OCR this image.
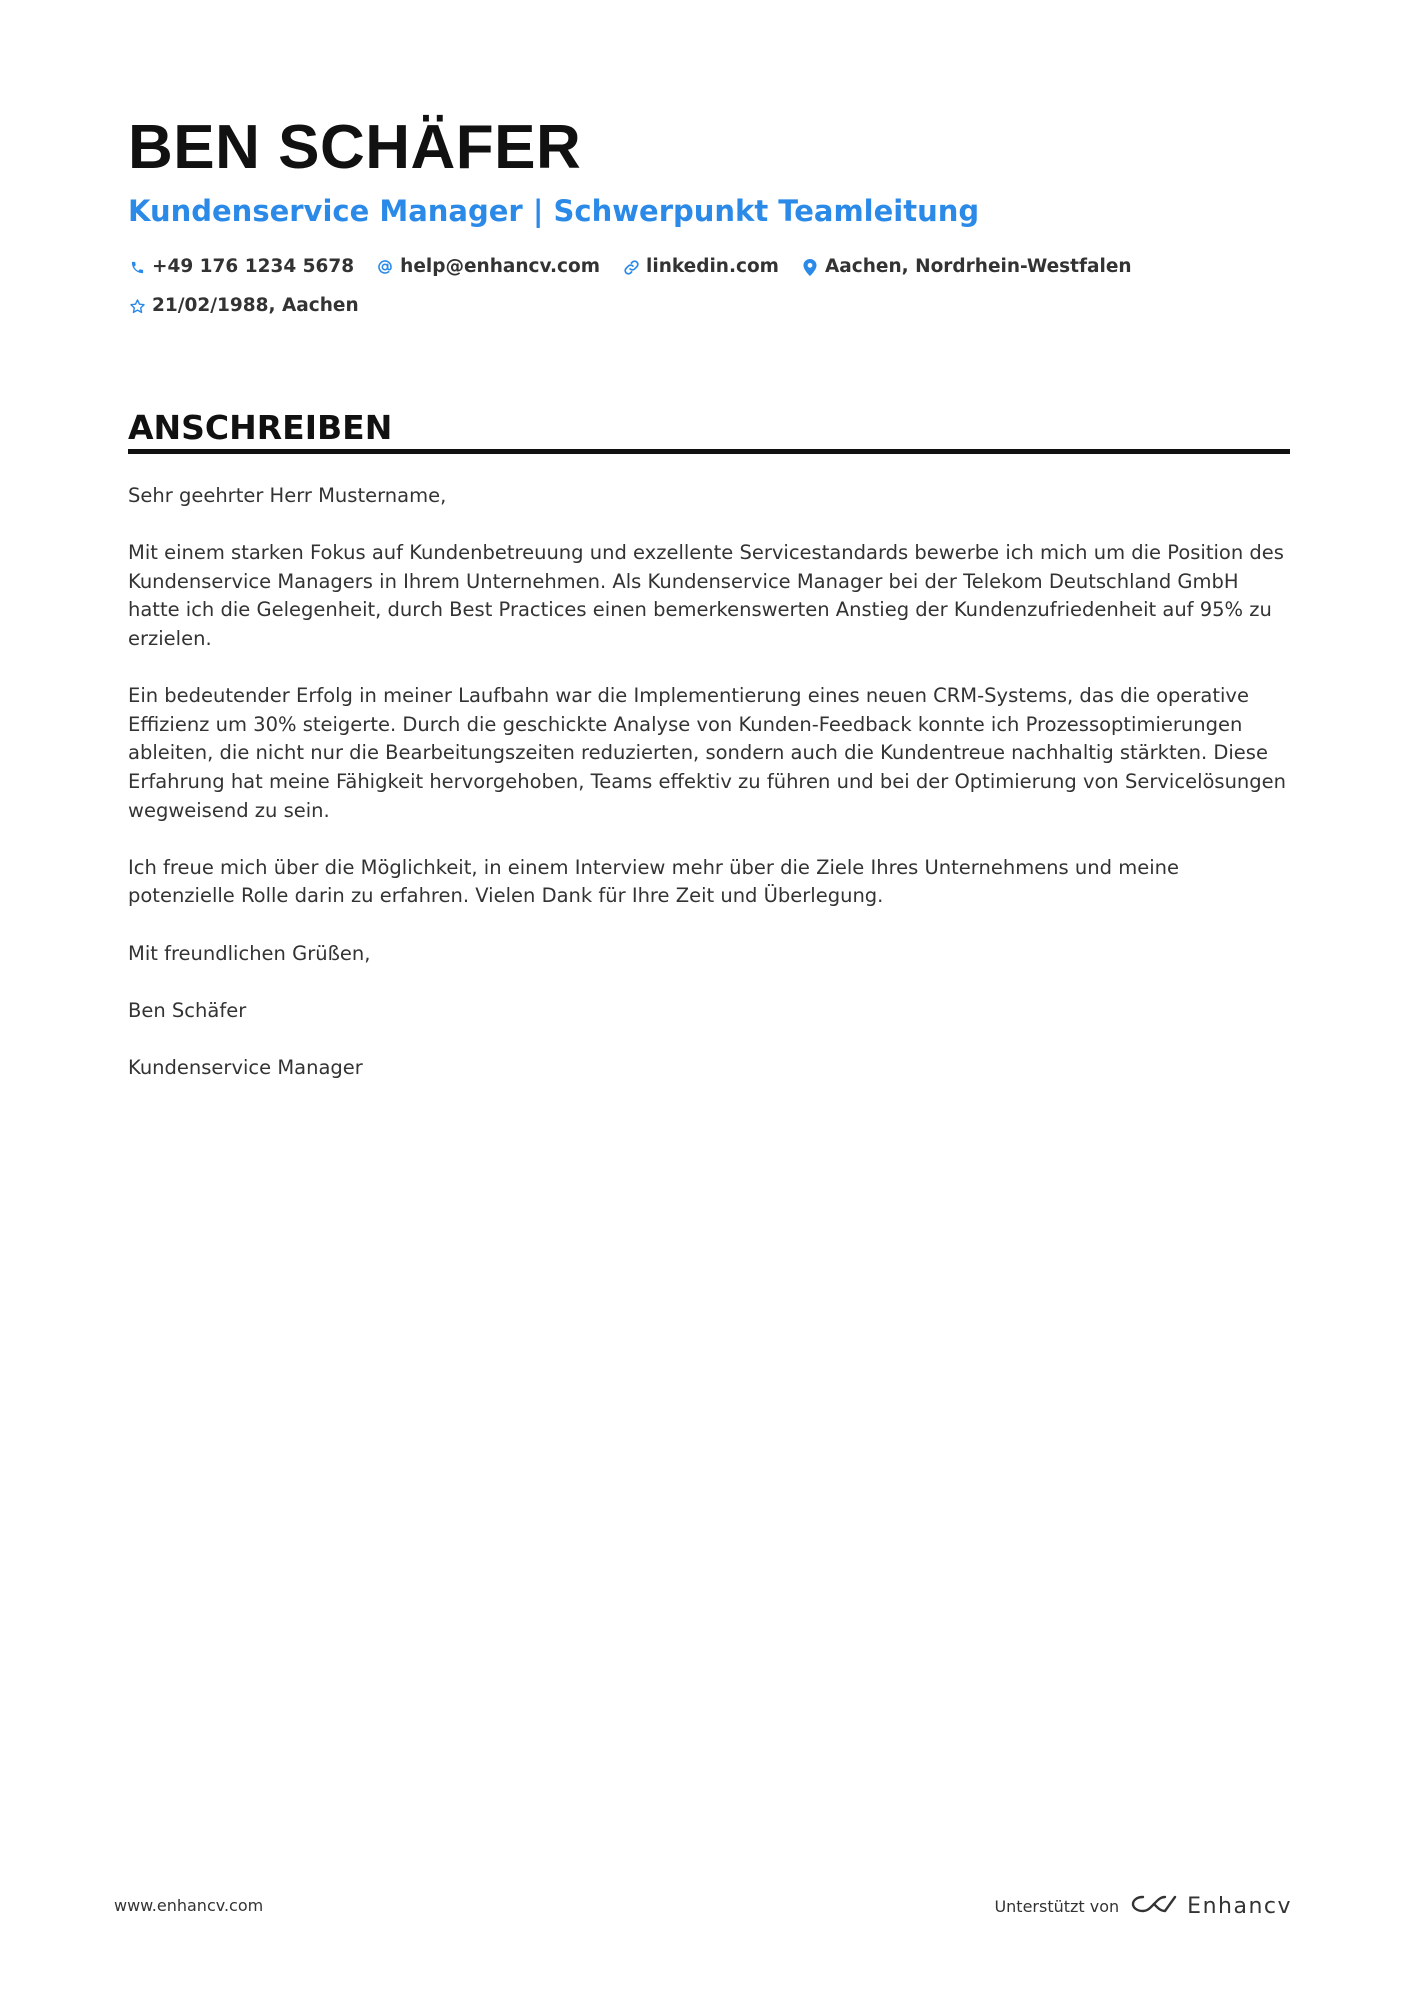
BEN SCHÄFER
Kundenservice Manager | Schwerpunkt Teamleitung
+49 176 1234 5678 help@enhancv.com linkedin.com Aachen, Nordrhein-Westfalen
21/02/1988, Aachen
ANSCHREIBEN

Sehr geehrter Herr Mustername,

Mit einem starken Fokus auf Kundenbetreuung und exzellente Servicestandards bewerbe ich mich um die Position des Kundenservice Managers in Ihrem Unternehmen. Als Kundenservice Manager bei der Telekom Deutschland GmbH hatte ich die Gelegenheit, durch Best Practices einen bemerkenswerten Anstieg der Kundenzufriedenheit auf 95% zu erzielen.

Ein bedeutender Erfolg in meiner Laufbahn war die Implementierung eines neuen CRM-Systems, das die operative Effizienz um 30% steigerte. Durch die geschickte Analyse von Kunden-Feedback konnte ich Prozessoptimierungen ableiten, die nicht nur die Bearbeitungszeiten reduzierten, sondern auch die Kundentreue nachhaltig stärkten. Diese Erfahrung hat meine Fähigkeit hervorgehoben, Teams effektiv zu führen und bei der Optimierung von Servicelösungen wegweisend zu sein.

Ich freue mich über die Möglichkeit, in einem Interview mehr über die Ziele Ihres Unternehmens und meine potenzielle Rolle darin zu erfahren. Vielen Dank für Ihre Zeit und Überlegung.

Mit freundlichen Grüßen,

Ben Schäfer

Kundenservice Manager

www.enhancv.com	Unterstützt von	Enhancv
